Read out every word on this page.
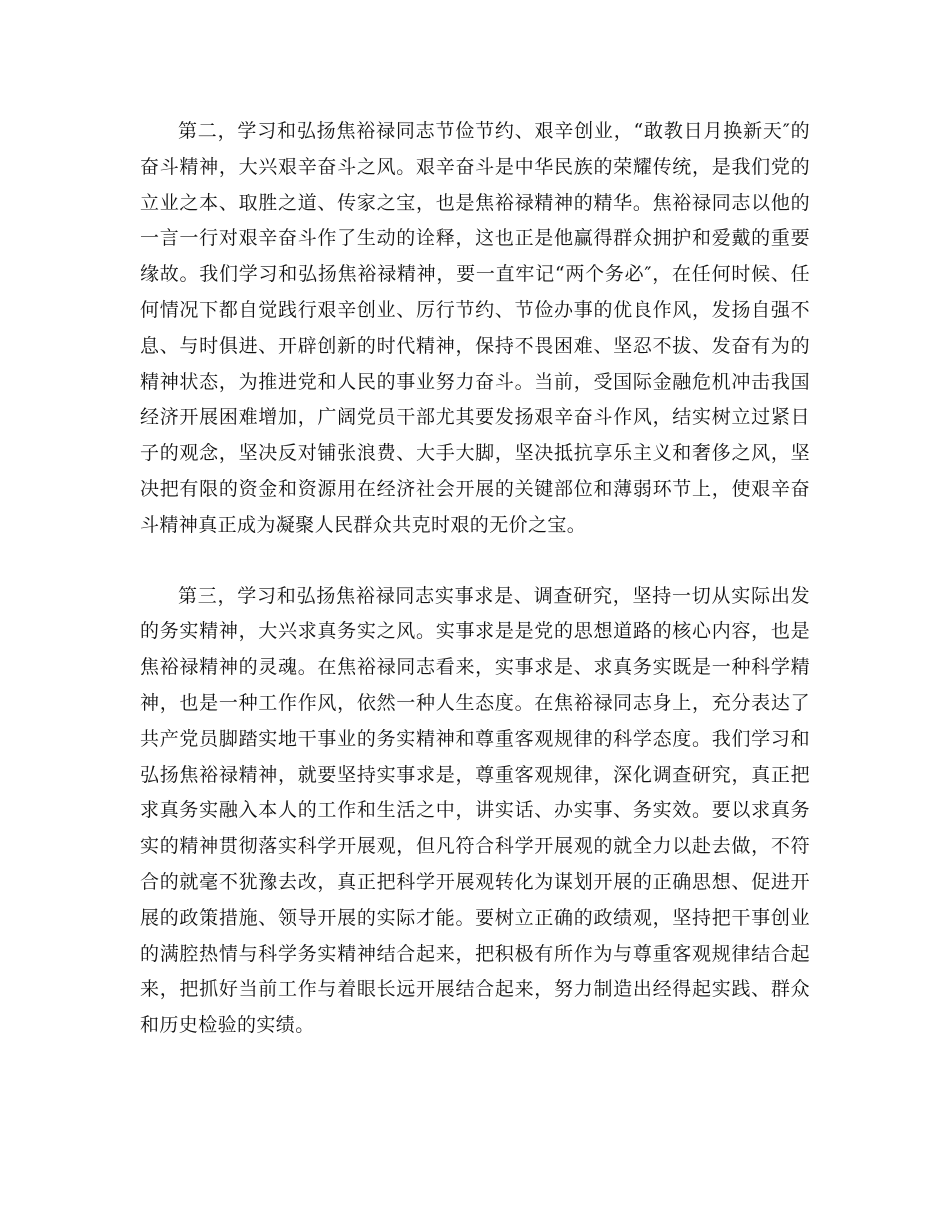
第二，学习和弘扬焦裕禄同志节俭节约、艰辛创业，“敢教日月换新天″的奋斗精神，大兴艰辛奋斗之风。艰辛奋斗是中华民族的荣耀传统，是我们党的立业之本、取胜之道、传家之宝，也是焦裕禄精神的精华。焦裕禄同志以他的一言一行对艰辛奋斗作了生动的诠释，这也正是他赢得群众拥护和爱戴的重要缘故。我们学习和弘扬焦裕禄精神，要一直牢记“两个务必″，在任何时候、任何情况下都自觉践行艰辛创业、厉行节约、节俭办事的优良作风，发扬自强不息、与时俱进、开辟创新的时代精神，保持不畏困难、坚忍不拔、发奋有为的精神状态，为推进党和人民的事业努力奋斗。当前，受国际金融危机冲击我国经济开展困难增加，广阔党员干部尤其要发扬艰辛奋斗作风，结实树立过紧日子的观念，坚决反对铺张浪费、大手大脚，坚决抵抗享乐主义和奢侈之风，坚决把有限的资金和资源用在经济社会开展的关键部位和薄弱环节上，使艰辛奋斗精神真正成为凝聚人民群众共克时艰的无价之宝。

第三，学习和弘扬焦裕禄同志实事求是、调查研究，坚持一切从实际出发的务实精神，大兴求真务实之风。实事求是是党的思想道路的核心内容，也是焦裕禄精神的灵魂。在焦裕禄同志看来，实事求是、求真务实既是一种科学精神，也是一种工作作风，依然一种人生态度。在焦裕禄同志身上，充分表达了共产党员脚踏实地干事业的务实精神和尊重客观规律的科学态度。我们学习和弘扬焦裕禄精神，就要坚持实事求是，尊重客观规律，深化调查研究，真正把求真务实融入本人的工作和生活之中，讲实话、办实事、务实效。要以求真务实的精神贯彻落实科学开展观，但凡符合科学开展观的就全力以赴去做，不符合的就毫不犹豫去改，真正把科学开展观转化为谋划开展的正确思想、促进开展的政策措施、领导开展的实际才能。要树立正确的政绩观，坚持把干事创业的满腔热情与科学务实精神结合起来，把积极有所作为与尊重客观规律结合起来，把抓好当前工作与着眼长远开展结合起来，努力制造出经得起实践、群众和历史检验的实绩。
